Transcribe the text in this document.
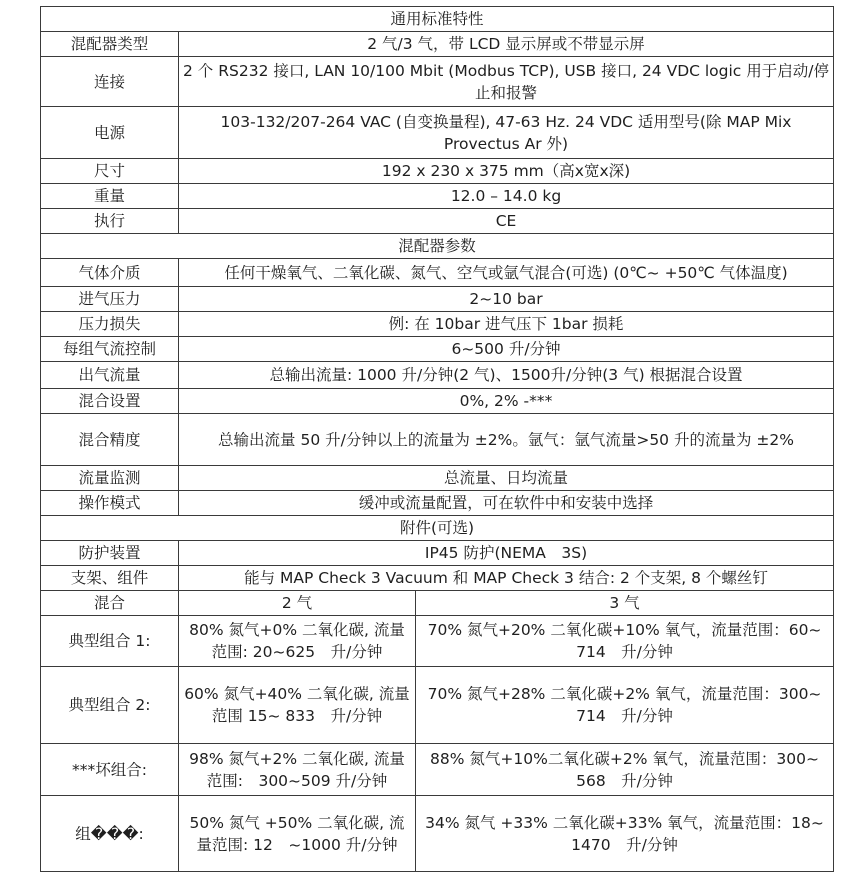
通用标准特性		
混配器类型	2 气/3 气，带 LCD 显示屏或不带显示屏	
连接	2 个 RS232 接口, LAN 10/100 Mbit (Modbus TCP), USB 接口, 24 VDC logic 用于启动/停止和报警	
电源	103-132/207-264 VAC (自变换量程), 47-63 Hz. 24 VDC 适用型号(除 MAP Mix Provectus Ar 外)	
尺寸	192 x 230 x 375 mm（高x宽x深)	
重量	12.0 – 14.0 kg	
执行	CE	
混配器参数		
气体介质	任何干燥氧气、二氧化碳、氮气、空气或氩气混合(可选) (0℃~ +50℃ 气体温度)	
进气压力	2~10 bar	
压力损失	例: 在 10bar 进气压下 1bar 损耗	
每组气流控制	6~500 升/分钟	
出气流量	总输出流量: 1000 升/分钟(2 气)、1500升/分钟(3 气) 根据混合设置	
混合设置	0%, 2% -***	
混合精度	总输出流量 50 升/分钟以上的流量为 ±2%。氩气：氩气流量>50 升的流量为 ±2%	
流量监测	总流量、日均流量	
操作模式	缓冲或流量配置，可在软件中和安装中选择	
附件(可选)		
防护装置	IP45 防护(NEMA　3S)	
支架、组件	能与 MAP Check 3 Vacuum 和 MAP Check 3 结合: 2 个支架, 8 个螺丝钉	
混合	2 气	3 气
典型组合 1:	80% 氮气+0% 二氧化碳, 流量范围: 20~625　升/分钟	70% 氮气+20% 二氧化碳+10% 氧气，流量范围：60~ 714　升/分钟
典型组合 2:	60% 氮气+40% 二氧化碳, 流量范围 15~ 833　升/分钟	70% 氮气+28% 二氧化碳+2% 氧气，流量范围：300~ 714　升/分钟
***坏组合:	98% 氮气+2% 二氧化碳, 流量范围:　300~509 升/分钟	88% 氮气+10%二氧化碳+2% 氧气，流量范围：300~ 568　升/分钟
组���:	50% 氮气 +50% 二氧化碳, 流量范围: 12　~1000 升/分钟	34% 氮气 +33% 二氧化碳+33% 氧气，流量范围：18~ 1470　升/分钟
